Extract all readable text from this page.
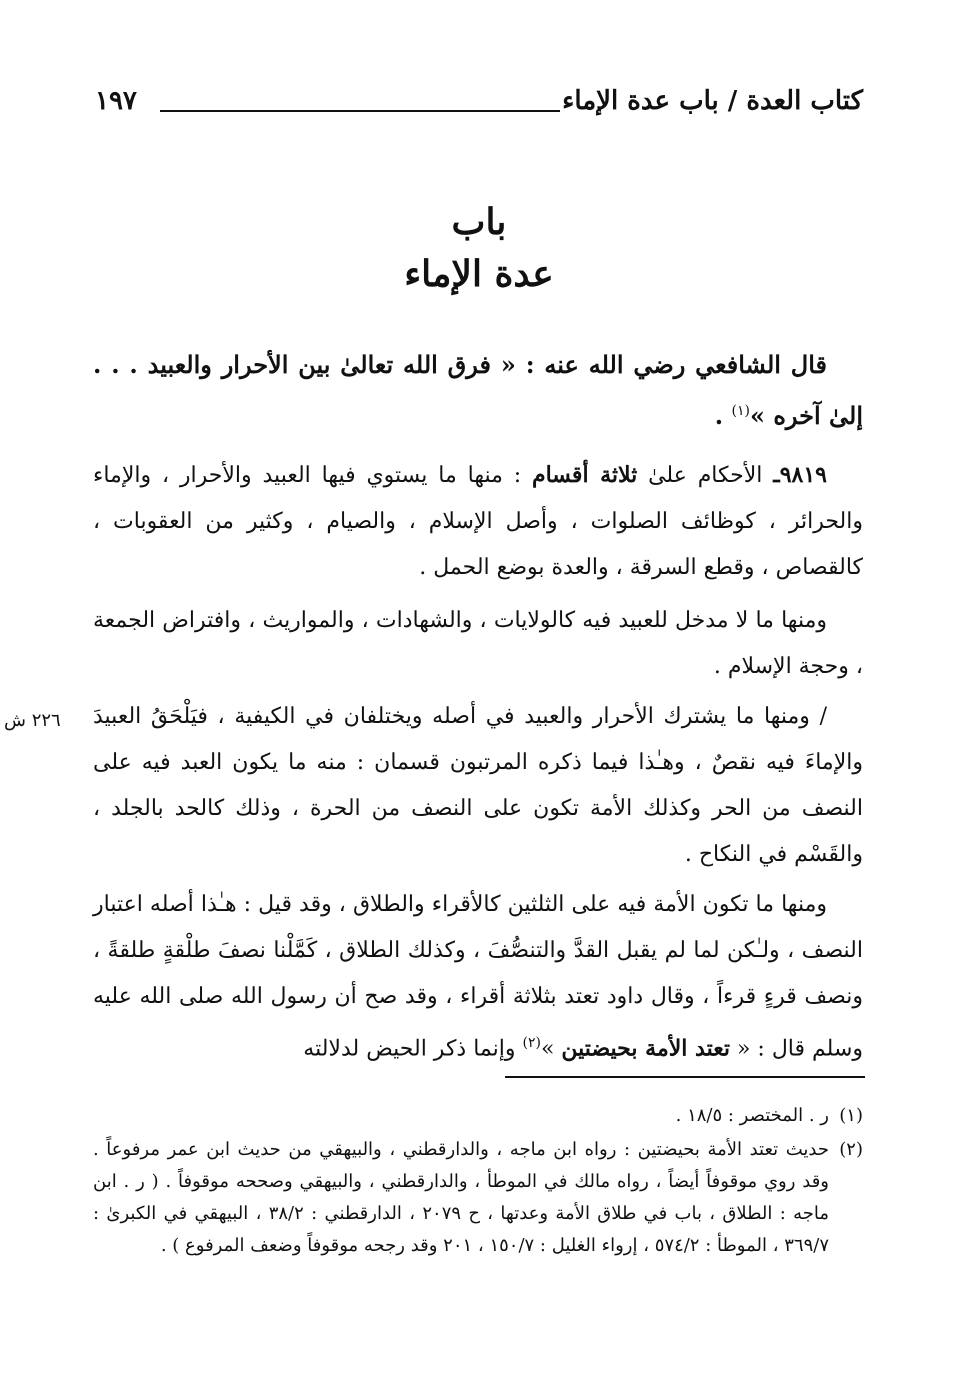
كتاب العدة / باب عدة الإماء
١٩٧
باب
عدة الإماء

قال الشافعي رضي الله عنه : « فرق الله تعالىٰ بين الأحرار والعبيد . . . إلىٰ آخره »$^{(١)}$ .

٩٨١٩ـ الأحكام علىٰ ثلاثة أقسام : منها ما يستوي فيها العبيد والأحرار ، والإماء والحرائر ، كوظائف الصلوات ، وأصل الإسلام ، والصيام ، وكثير من العقوبات ، كالقصاص ، وقطع السرقة ، والعدة بوضع الحمل .

ومنها ما لا مدخل للعبيد فيه كالولايات ، والشهادات ، والمواريث ، وافتراض الجمعة ، وحجة الإسلام .

٢٢٦ ش / ومنها ما يشترك الأحرار والعبيد في أصله ويختلفان في الكيفية ، فيَلْحَقُ العبيدَ والإماءَ فيه نقصٌ ، وهـٰذا فيما ذكره المرتبون قسمان : منه ما يكون العبد فيه على النصف من الحر وكذلك الأمة تكون على النصف من الحرة ، وذلك كالحد بالجلد ، والقَسْم في النكاح .

ومنها ما تكون الأمة فيه على الثلثين كالأقراء والطلاق ، وقد قيل : هـٰذا أصله اعتبار النصف ، ولـٰكن لما لم يقبل القدَّ والتنصُّفَ ، وكذلك الطلاق ، كَمَّلْنا نصفَ طلْقةٍ طلقةً ، ونصف قرءٍ قرءاً ، وقال داود تعتد بثلاثة أقراء ، وقد صح أن رسول الله صلى الله عليه وسلم قال : « تعتد الأمة بحيضتين »$^{(٢)}$ وإنما ذكر الحيض لدلالته

(١)
ر . المختصر : ١٨/٥ .
(٢)
حديث تعتد الأمة بحيضتين : رواه ابن ماجه ، والدارقطني ، والبيهقي من حديث ابن عمر مرفوعاً . وقد روي موقوفاً أيضاً ، رواه مالك في الموطأ ، والدارقطني ، والبيهقي وصححه موقوفاً . ( ر . ابن ماجه : الطلاق ، باب في طلاق الأمة وعدتها ، ح ٢٠٧٩ ، الدارقطني : ٣٨/٢ ، البيهقي في الكبرىٰ : ٣٦٩/٧ ، الموطأ : ٥٧٤/٢ ، إرواء الغليل : ١٥٠/٧ ، ٢٠١ وقد رجحه موقوفاً وضعف المرفوع ) .
